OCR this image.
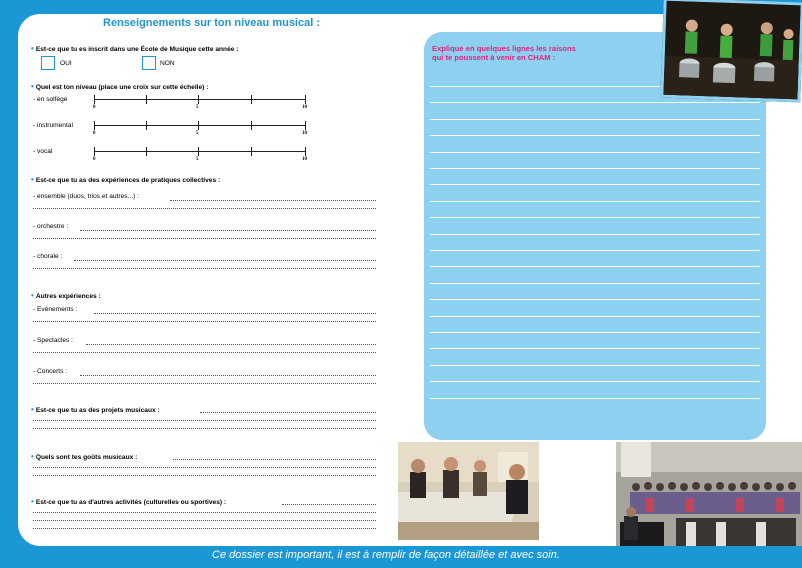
Renseignements sur ton niveau musical :
• Est-ce que tu es inscrit dans une École de Musique cette année :
OUI	NON
• Quel est ton niveau (place une croix sur cette échelle) :
- en solfège
0	5	10
- instrumental
0	5	10
- vocal
0	5	10
• Est-ce que tu as des expériences de pratiques collectives :
- ensemble (duos, trios et autres...) :
- orchestre :
- chorale :
• Autres expériences :
- Evènements :
- Spectacles :
- Concerts :
• Est-ce que tu as des projets musicaux :
• Quels sont tes goûts musicaux :
• Est-ce que tu as d'autres activités (culturelles ou sportives) :
Explique en quelques lignes les raisons
qui te poussent à venir en CHAM :
Ce dossier est important, il est à remplir de façon détaillée et avec soin.
